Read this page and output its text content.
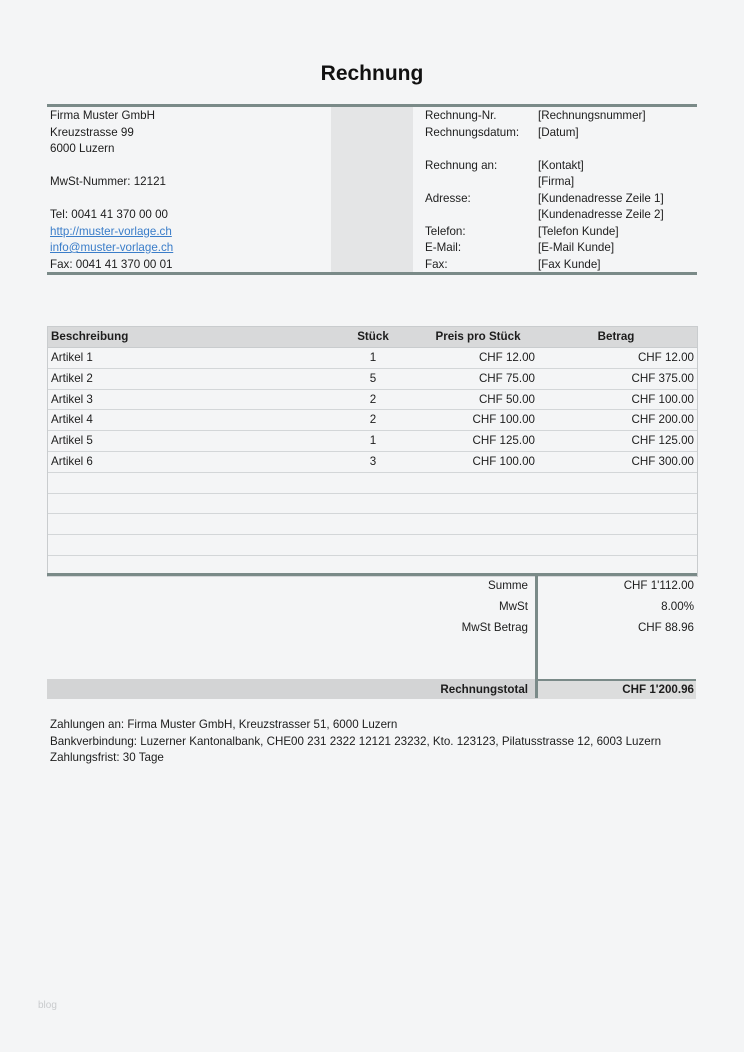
Rechnung
Firma Muster GmbH
Kreuzstrasse 99
6000 Luzern
MwSt-Nummer: 12121
Tel: 0041 41 370 00 00
http://muster-vorlage.ch
info@muster-vorlage.ch
Fax: 0041 41 370 00 01
Rechnung-Nr.	[Rechnungsnummer]
Rechnungsdatum: [Datum]
Rechnung an:	[Kontakt]
[Firma]
Adresse:	[Kundenadresse Zeile 1]
[Kundenadresse Zeile 2]
Telefon:	[Telefon Kunde]
E-Mail:	[E-Mail Kunde]
Fax:	[Fax Kunde]
Beschreibung	Stück	Preis pro Stück	Betrag
Artikel 1	1	CHF 12.00	CHF 12.00
Artikel 2	5	CHF 75.00	CHF 375.00
Artikel 3	2	CHF 50.00	CHF 100.00
Artikel 4	2	CHF 100.00	CHF 200.00
Artikel 5	1	CHF 125.00	CHF 125.00
Artikel 6	3	CHF 100.00	CHF 300.00
Summe	CHF 1'112.00
MwSt	8.00%
MwSt Betrag	CHF 88.96
Rechnungstotal	CHF 1'200.96
Zahlungen an: Firma Muster GmbH, Kreuzstrasser 51, 6000 Luzern
Bankverbindung: Luzerner Kantonalbank, CHE00 231 2322 12121 23232, Kto. 123123, Pilatusstrasse 12, 6003 Luzern
Zahlungsfrist: 30 Tage
blog
